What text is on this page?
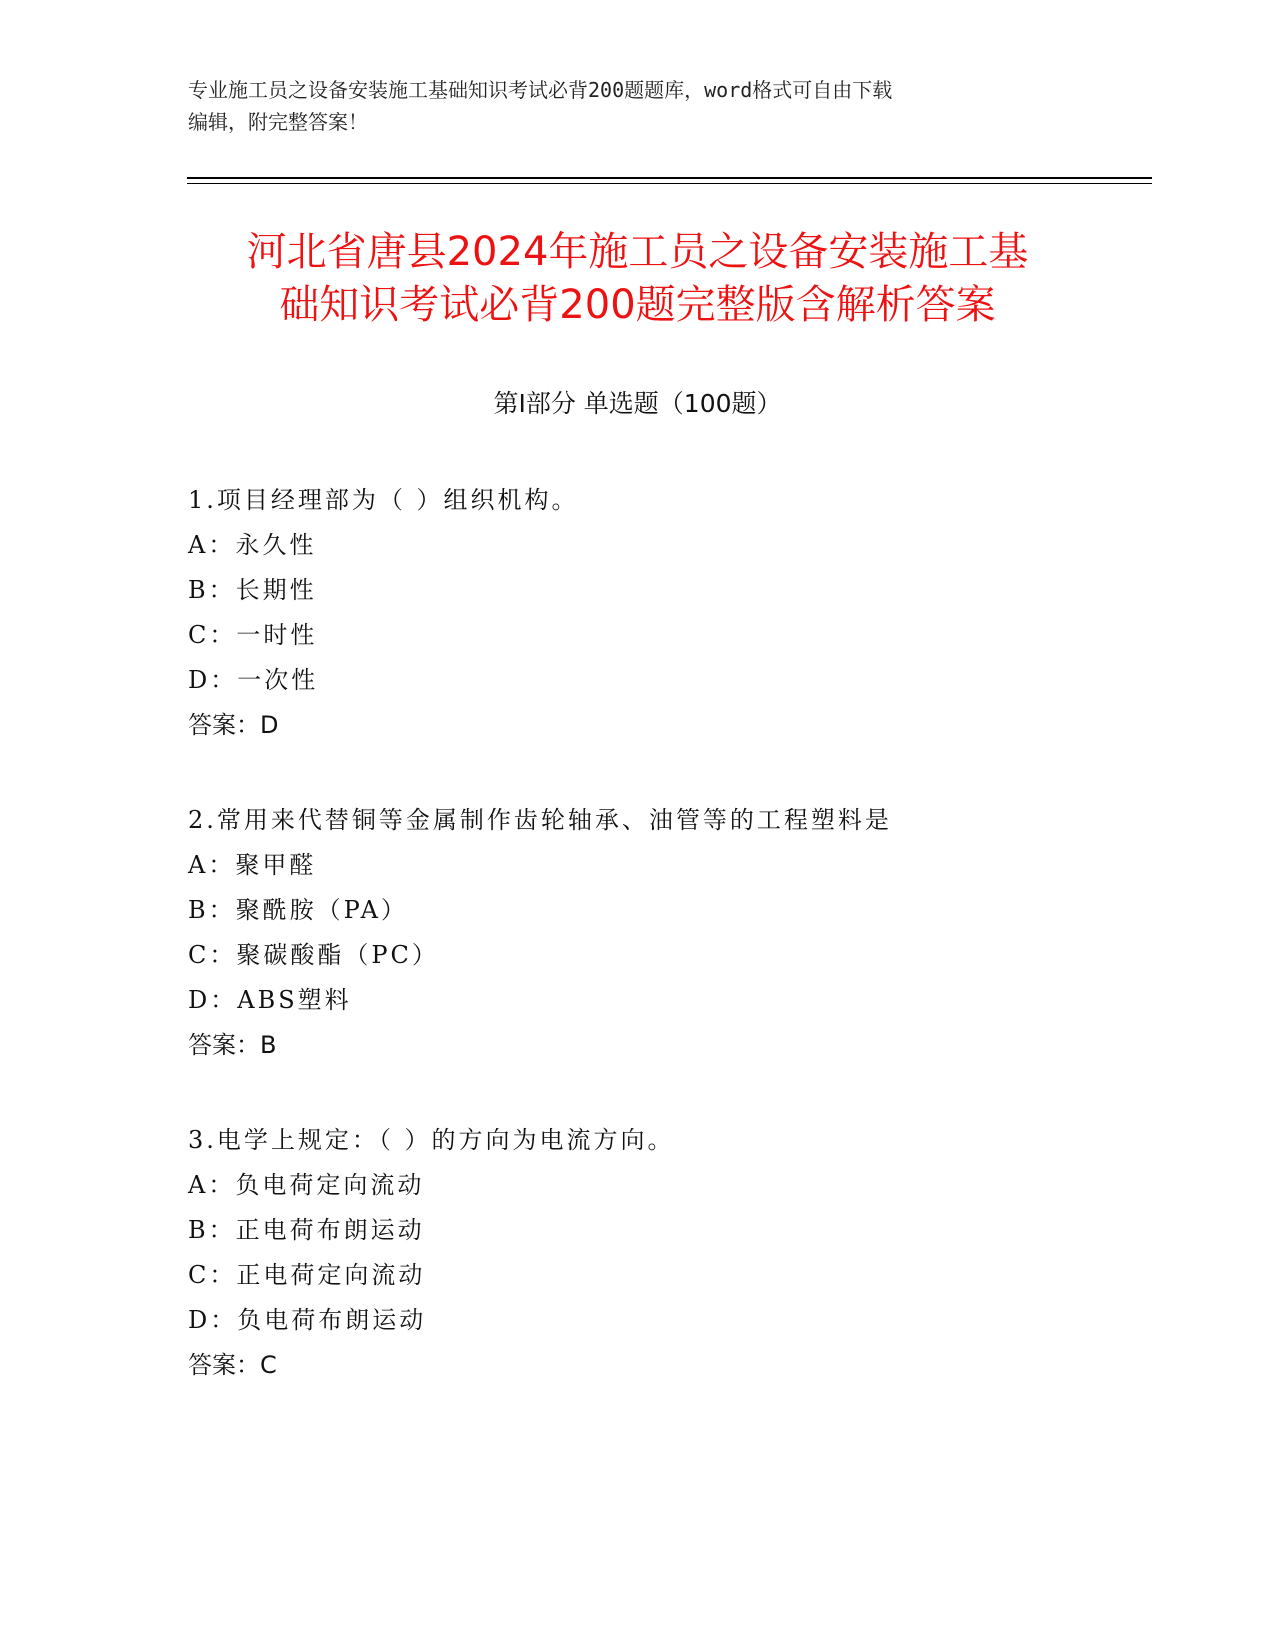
专业施工员之设备安装施工基础知识考试必背200题题库，word格式可自由下载
编辑，附完整答案！
河北省唐县2024年施工员之设备安装施工基
础知识考试必背200题完整版含解析答案
第Ⅰ部分 单选题（100题）
1.项目经理部为（ ）组织机构。
A：永久性
B：长期性
C：一时性
D：一次性
答案：D
2.常用来代替铜等金属制作齿轮轴承、油管等的工程塑料是
A：聚甲醛
B：聚酰胺（PA）
C：聚碳酸酯（PC）
D：ABS塑料
答案：B
3.电学上规定：（ ）的方向为电流方向。
A：负电荷定向流动
B：正电荷布朗运动
C：正电荷定向流动
D：负电荷布朗运动
答案：C
